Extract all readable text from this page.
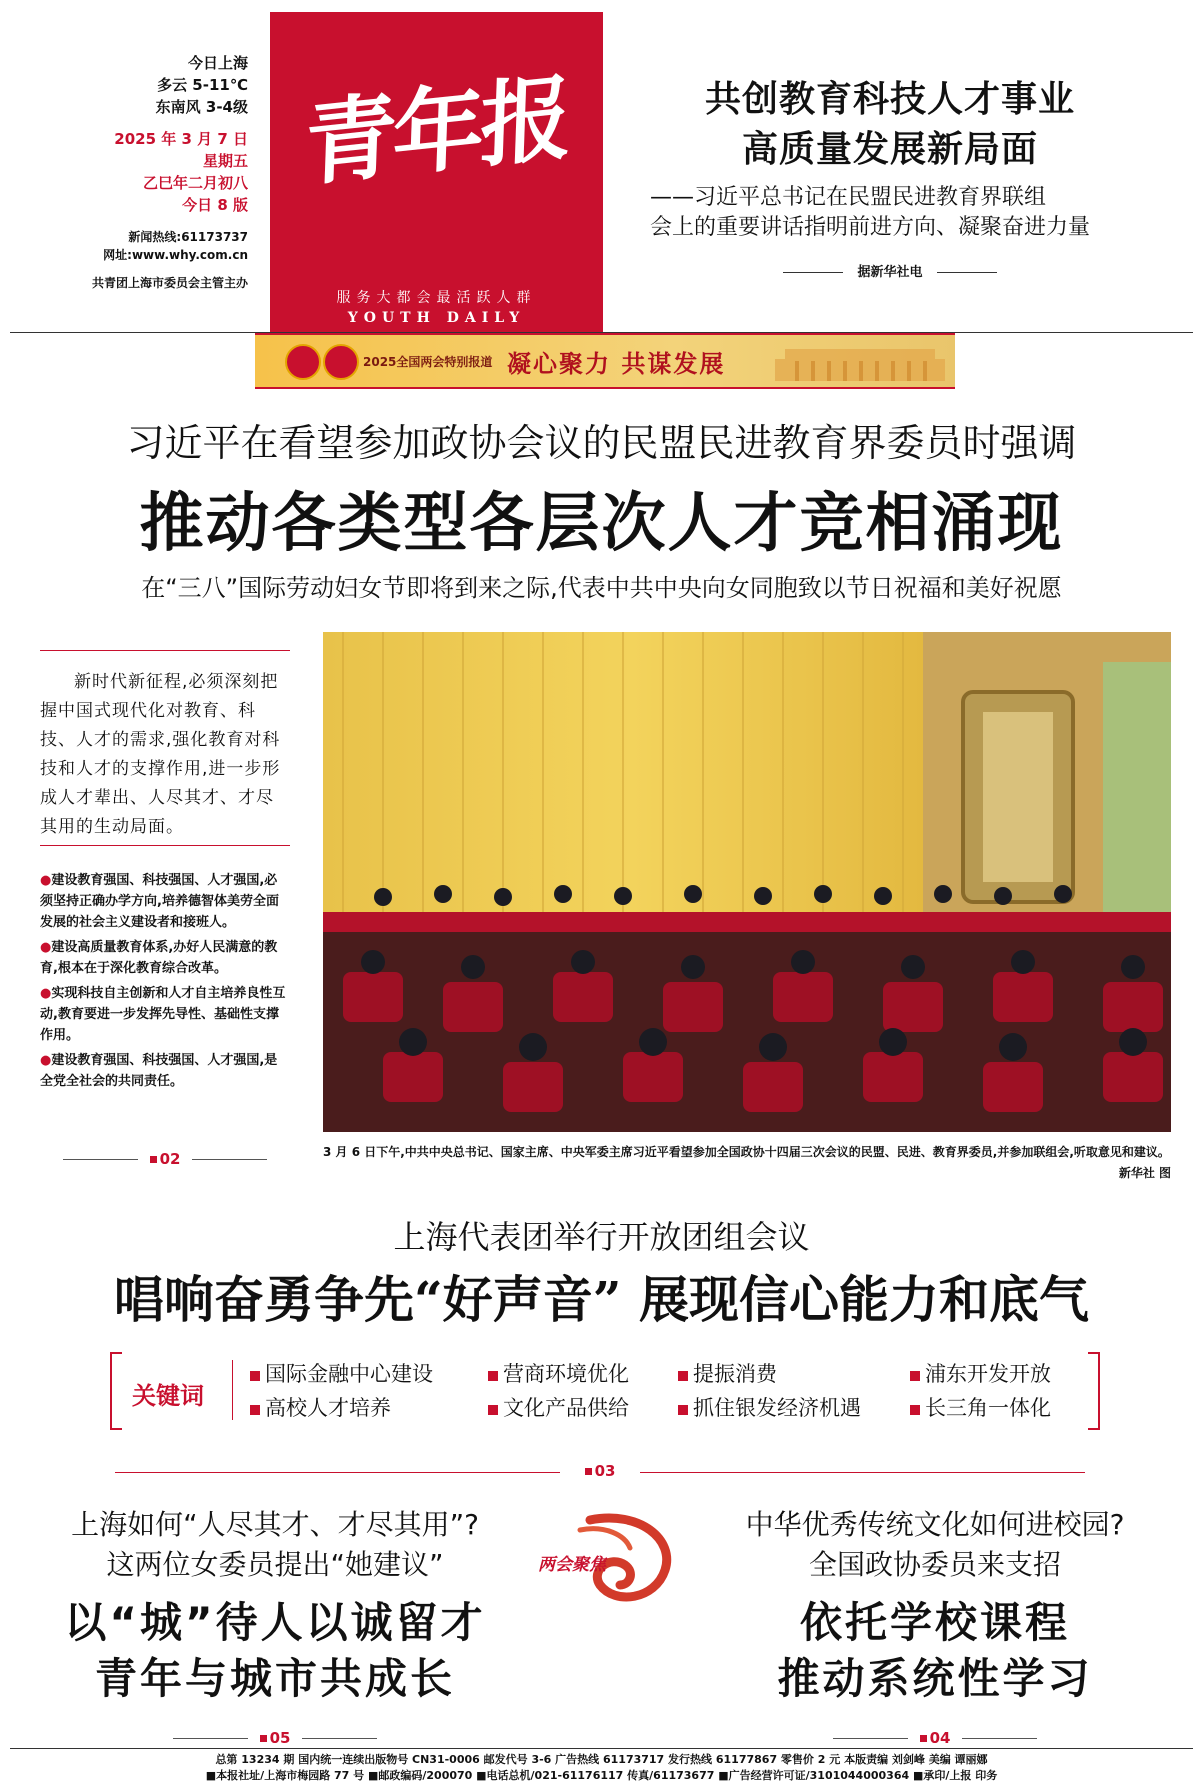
今日上海
多云 5-11℃
东南风 3-4级
2025 年 3 月 7 日
星期五
乙巳年二月初八
今日 8 版
新闻热线:61173737
网址:www.why.com.cn
共青团上海市委员会主管主办
青年报
服务大都会最活跃人群
YOUTH DAILY
共创教育科技人才事业
高质量发展新局面
——习近平总书记在民盟民进教育界联组
会上的重要讲话指明前进方向、凝聚奋进力量
据新华社电
2025全国两会特别报道 凝心聚力 共谋发展
习近平在看望参加政协会议的民盟民进教育界委员时强调
推动各类型各层次人才竞相涌现
在“三八”国际劳动妇女节即将到来之际,代表中共中央向女同胞致以节日祝福和美好祝愿

新时代新征程,必须深刻把握中国式现代化对教育、科技、人才的需求,强化教育对科技和人才的支撑作用,进一步形成人才辈出、人尽其才、才尽其用的生动局面。

●建设教育强国、科技强国、人才强国,必须坚持正确办学方向,培养德智体美劳全面发展的社会主义建设者和接班人。
●建设高质量教育体系,办好人民满意的教育,根本在于深化教育综合改革。
●实现科技自主创新和人才自主培养良性互动,教育要进一步发挥先导性、基础性支撑作用。
●建设教育强国、科技强国、人才强国,是全党全社会的共同责任。
02	3 月 6 日下午,中共中央总书记、国家主席、中央军委主席习近平看望参加全国政协十四届三次会议的民盟、民进、教育界委员,并参加联组会,听取意见和建议。
新华社 图
上海代表团举行开放团组会议
唱响奋勇争先“好声音” 展现信心能力和底气
关键词
国际金融中心建设	营商环境优化	提振消费	浦东开发开放
高校人才培养	文化产品供给	抓住银发经济机遇	长三角一体化
03
上海如何“人尽其才、才尽其用”?
这两位女委员提出“她建议”
以“城”待人以诚留才
青年与城市共成长
05
两会聚焦
中华优秀传统文化如何进校园?
全国政协委员来支招
依托学校课程
推动系统性学习
04
总第 13234 期 国内统一连续出版物号 CN31-0006 邮发代号 3-6 广告热线 61173717 发行热线 61177867 零售价 2 元 本版责编 刘剑峰 美编 谭丽娜
■本报社址/上海市梅园路 77 号 ■邮政编码/200070 ■电话总机/021-61176117 传真/61173677 ■广告经营许可证/3101044000364 ■承印/上报 印务
